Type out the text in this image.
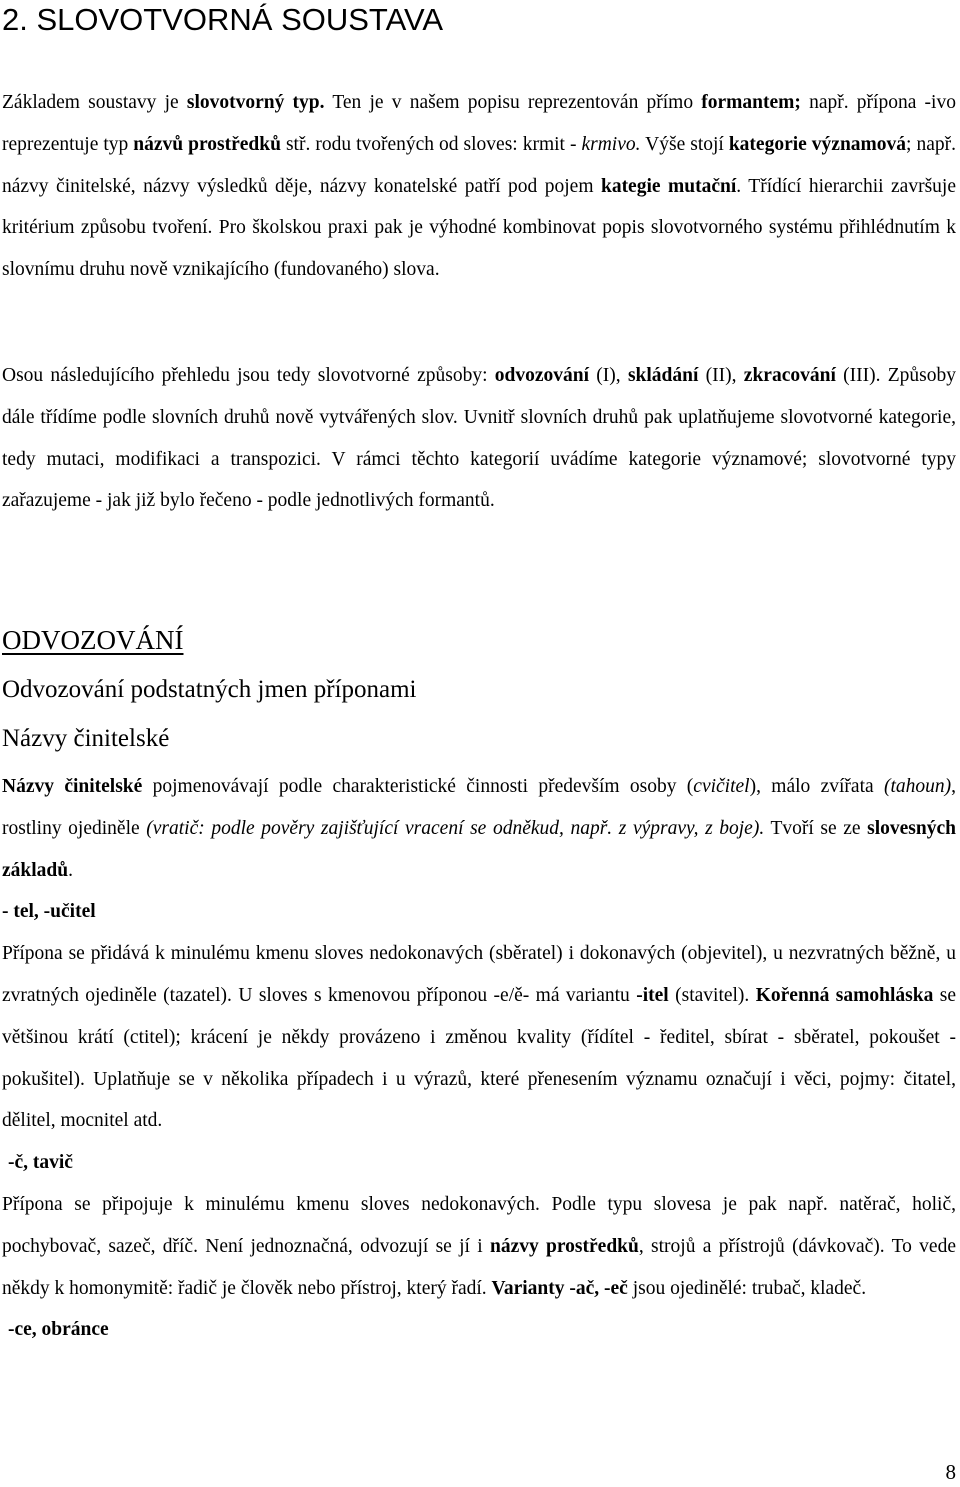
2. SLOVOTVORNÁ SOUSTAVA

Základem soustavy je slovotvorný typ. Ten je v našem popisu reprezentován přímo formantem; např. přípona -ivo reprezentuje typ názvů prostředků stř. rodu tvořených od sloves: krmit - krmivo. Výše stojí kategorie významová; např. názvy činitelské, názvy výsledků děje, názvy konatelské patří pod pojem kategie mutační. Třídící hierarchii završuje kritérium způsobu tvoření. Pro školskou praxi pak je výhodné kombinovat popis slovotvorného systému přihlédnutím k slovnímu druhu nově vznikajícího (fundovaného) slova.

Osou následujícího přehledu jsou tedy slovotvorné způsoby: odvozování (I), skládání (II), zkracování (III). Způsoby dále třídíme podle slovních druhů nově vytvářených slov. Uvnitř slovních druhů pak uplatňujeme slovotvorné kategorie, tedy mutaci, modifikaci a transpozici. V rámci těchto kategorií uvádíme kategorie významové; slovotvorné typy zařazujeme - jak již bylo řečeno - podle jednotlivých formantů.

ODVOZOVÁNÍ
Odvozování podstatných jmen příponami
Názvy činitelské

Názvy činitelské pojmenovávají podle charakteristické činnosti především osoby (cvičitel), málo zvířata (tahoun), rostliny ojediněle (vratič: podle pověry zajišťující vracení se odněkud, např. z výpravy, z boje). Tvoří se ze slovesných základů.

- tel, -učitel

Přípona se přidává k minulému kmenu sloves nedokonavých (sběratel) i dokonavých (objevitel), u nezvratných běžně, u zvratných ojediněle (tazatel). U sloves s kmenovou příponou -e/ě- má variantu -itel (stavitel). Kořenná samohláska se většinou krátí (ctitel); krácení je někdy provázeno i změnou kvality (řídítel - ředitel, sbírat - sběratel, pokoušet - pokušitel). Uplatňuje se v několika případech i u výrazů, které přenesením významu označují i věci, pojmy: čitatel, dělitel, mocnitel atd.

-č, tavič

Přípona se připojuje k minulému kmenu sloves nedokonavých. Podle typu slovesa je pak např. natěrač, holič, pochybovač, sazeč, dříč. Není jednoznačná, odvozují se jí i názvy prostředků, strojů a přístrojů (dávkovač). To vede někdy k homonymitě: řadič je člověk nebo přístroj, který řadí. Varianty -ač, -eč jsou ojedinělé: trubač, kladeč.

-ce, obránce

8
